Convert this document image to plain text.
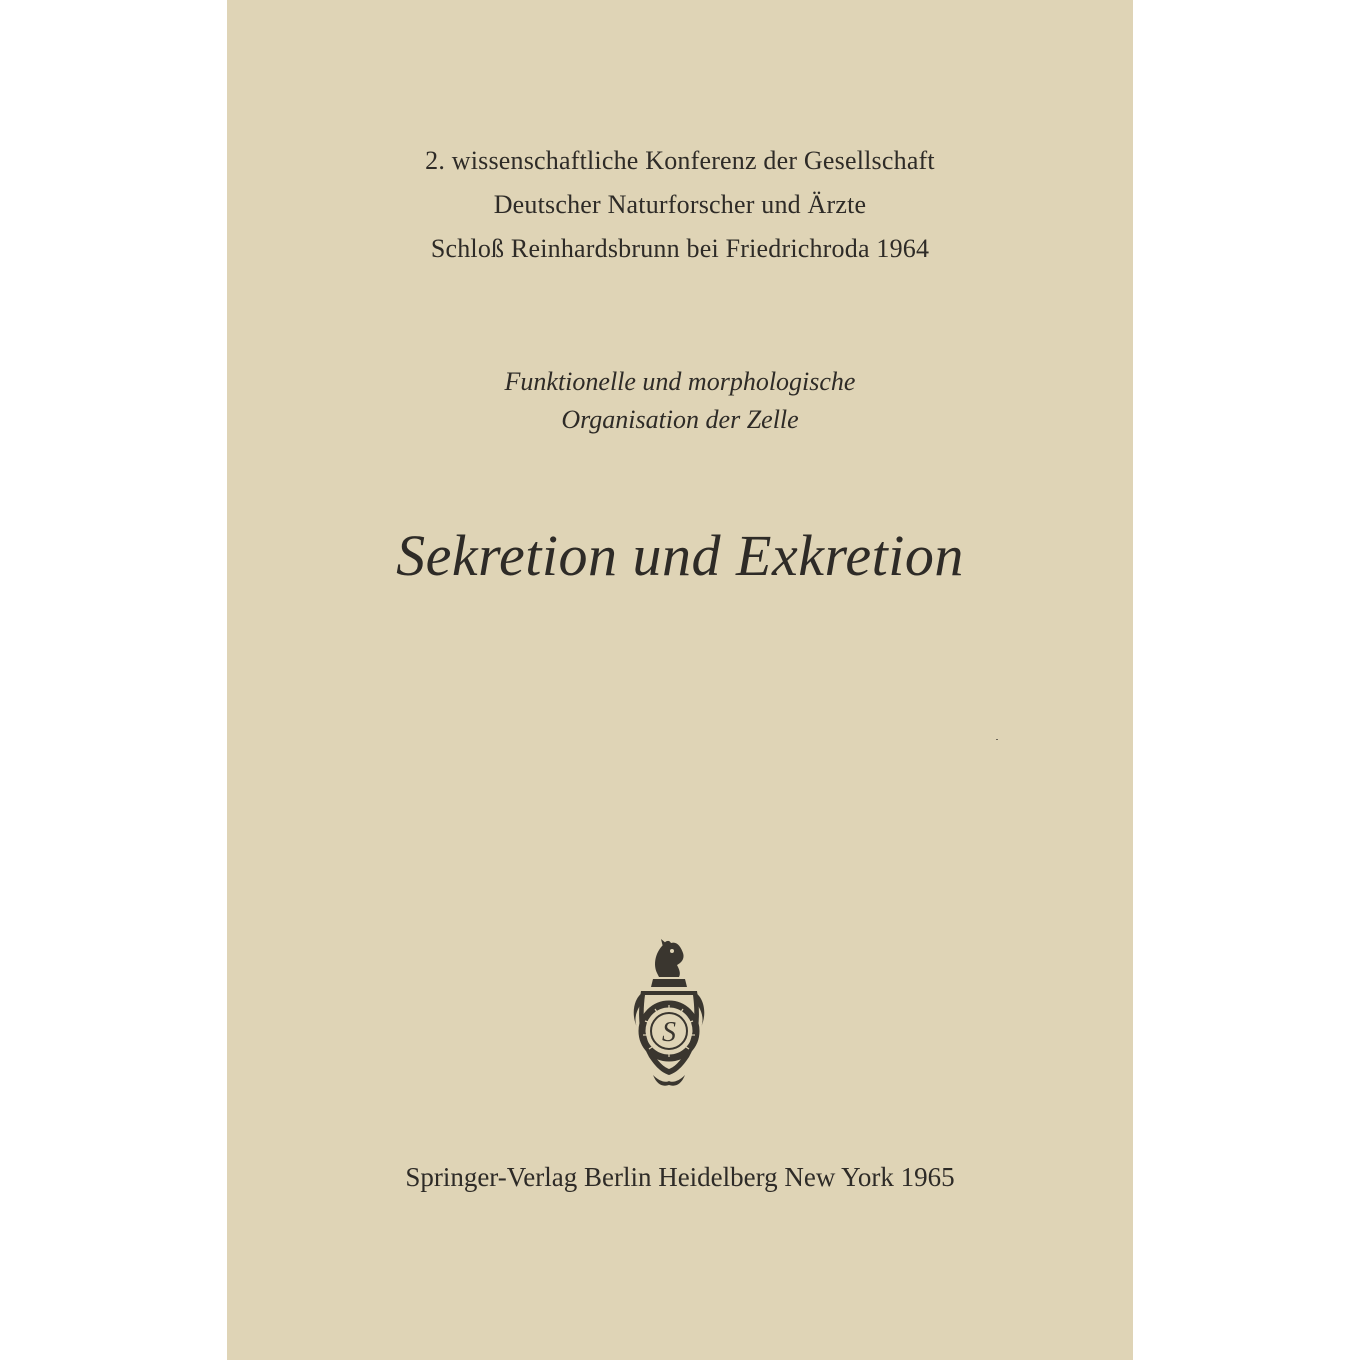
2. wissenschaftliche Konferenz der Gesellschaft
Deutscher Naturforscher und Ärzte
Schloß Reinhardsbrunn bei Friedrichroda 1964
Funktionelle und morphologische
Organisation der Zelle
Sekretion und Exkretion
S
Springer-Verlag Berlin Heidelberg New York 1965
